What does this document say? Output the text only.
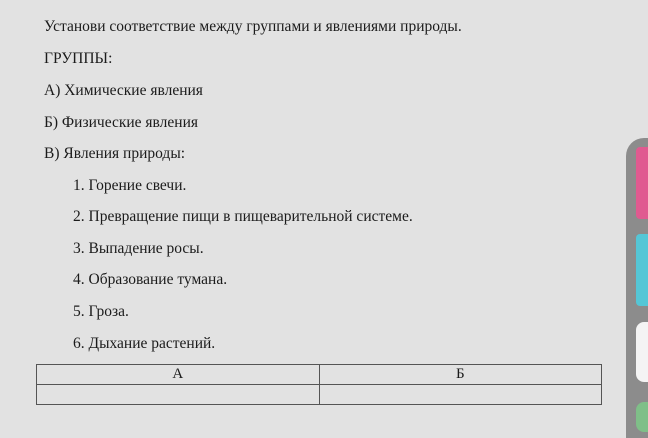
Установи соответствие между группами и явлениями природы.
ГРУППЫ:
А) Химические явления
Б) Физические явления
В) Явления природы:
1. Горение свечи.
2. Превращение пищи в пищеварительной системе.
3. Выпадение росы.
4. Образование тумана.
5. Гроза.
6. Дыхание растений.
А	Б
